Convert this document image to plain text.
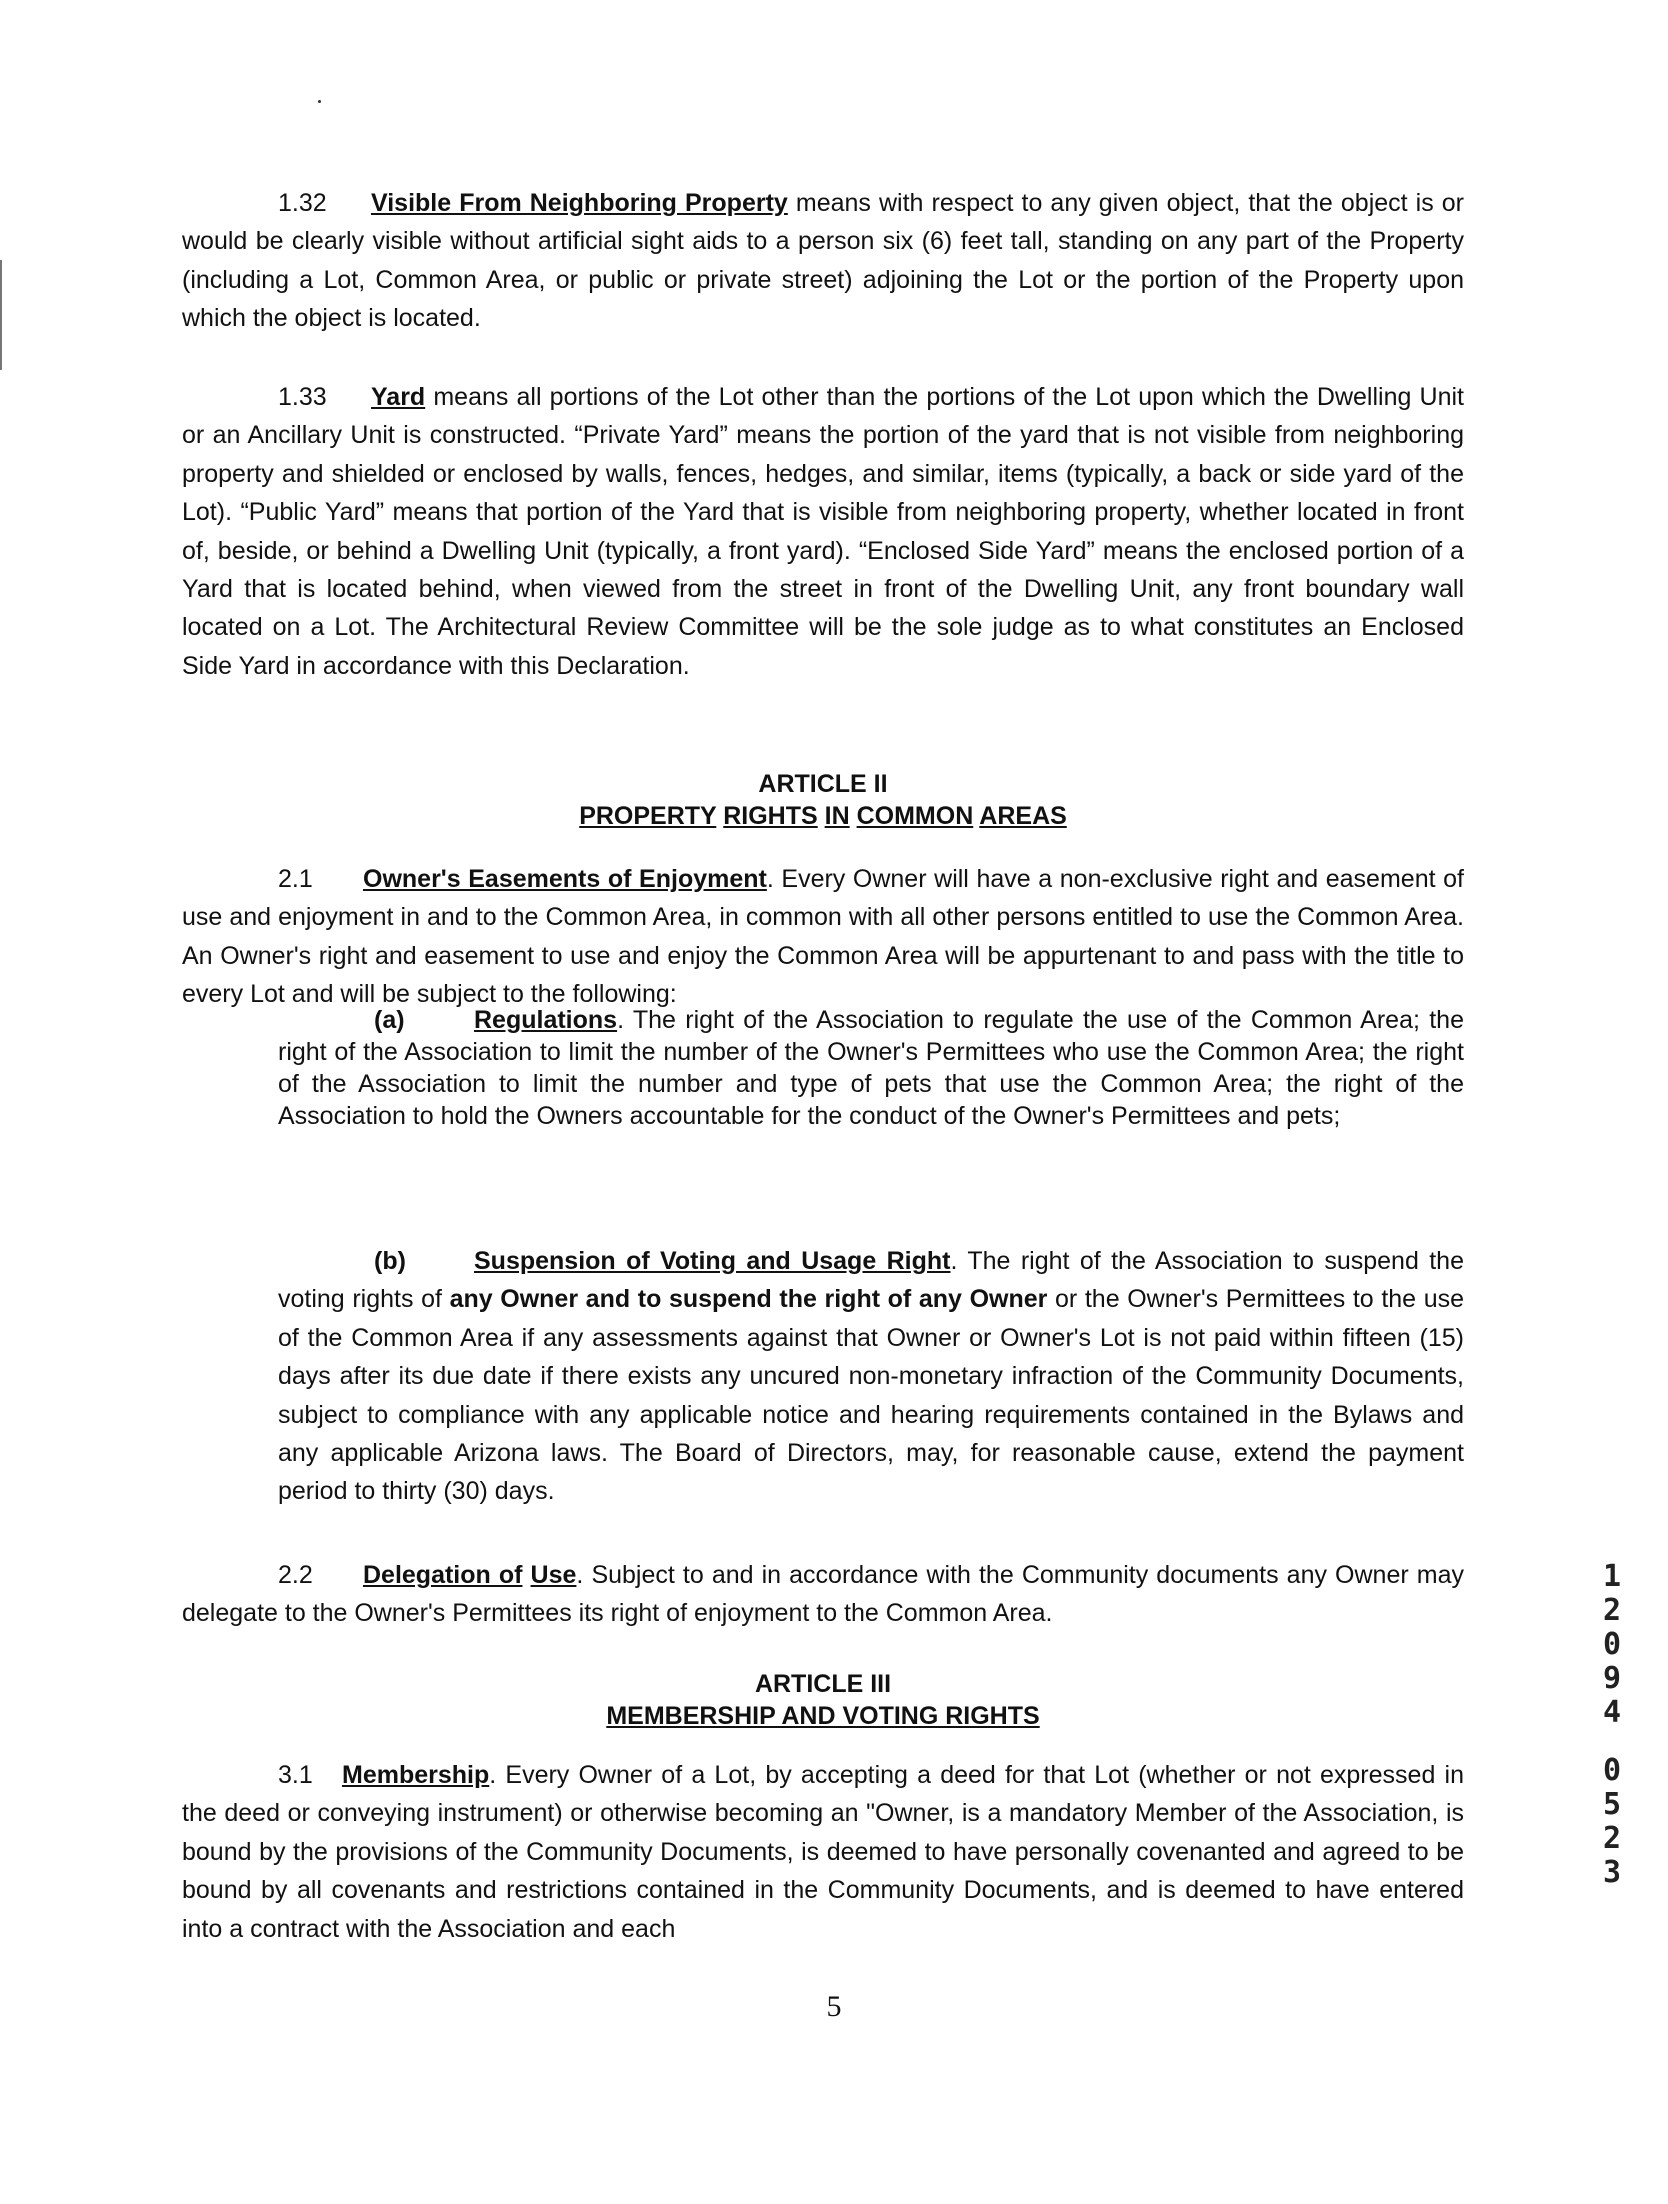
1.32 Visible From Neighboring Property means with respect to any given object, that the object is or would be clearly visible without artificial sight aids to a person six (6) feet tall, standing on any part of the Property (including a Lot, Common Area, or public or private street) adjoining the Lot or the portion of the Property upon which the object is located.

1.33 Yard means all portions of the Lot other than the portions of the Lot upon which the Dwelling Unit or an Ancillary Unit is constructed. “Private Yard” means the portion of the yard that is not visible from neighboring property and shielded or enclosed by walls, fences, hedges, and similar, items (typically, a back or side yard of the Lot). “Public Yard” means that portion of the Yard that is visible from neighboring property, whether located in front of, beside, or behind a Dwelling Unit (typically, a front yard). “Enclosed Side Yard” means the enclosed portion of a Yard that is located behind, when viewed from the street in front of the Dwelling Unit, any front boundary wall located on a Lot. The Architectural Review Committee will be the sole judge as to what constitutes an Enclosed Side Yard in accordance with this Declaration.

ARTICLE II
PROPERTY RIGHTS IN COMMON AREAS

2.1 Owner's Easements of Enjoyment. Every Owner will have a non-exclusive right and easement of use and enjoyment in and to the Common Area, in common with all other persons entitled to use the Common Area. An Owner's right and easement to use and enjoy the Common Area will be appurtenant to and pass with the title to every Lot and will be subject to the following:

(a)	Regulations. The right of the Association to regulate the use of the Common Area; the right of the Association to limit the number of the Owner's Permittees who use the Common Area; the right of the Association to limit the number and type of pets that use the Common Area; the right of the Association to hold the Owners accountable for the conduct of the Owner's Permittees and pets;

(b)	Suspension of Voting and Usage Right. The right of the Association to suspend the voting rights of any Owner and to suspend the right of any Owner or the Owner's Permittees to the use of the Common Area if any assessments against that Owner or Owner's Lot is not paid within fifteen (15) days after its due date if there exists any uncured non-monetary infraction of the Community Documents, subject to compliance with any applicable notice and hearing requirements contained in the Bylaws and any applicable Arizona laws. The Board of Directors, may, for reasonable cause, extend the payment period to thirty (30) days.

2.2 Delegation of Use. Subject to and in accordance with the Community documents any Owner may delegate to the Owner's Permittees its right of enjoyment to the Common Area.

ARTICLE III
MEMBERSHIP AND VOTING RIGHTS

3.1 Membership. Every Owner of a Lot, by accepting a deed for that Lot (whether or not expressed in the deed or conveying instrument) or otherwise becoming an "Owner, is a mandatory Member of the Association, is bound by the provisions of the Community Documents, is deemed to have personally covenanted and agreed to be bound by all covenants and restrictions contained in the Community Documents, and is deemed to have entered into a contract with the Association and each

5
1
2
0
9
4
0
5
2
3
